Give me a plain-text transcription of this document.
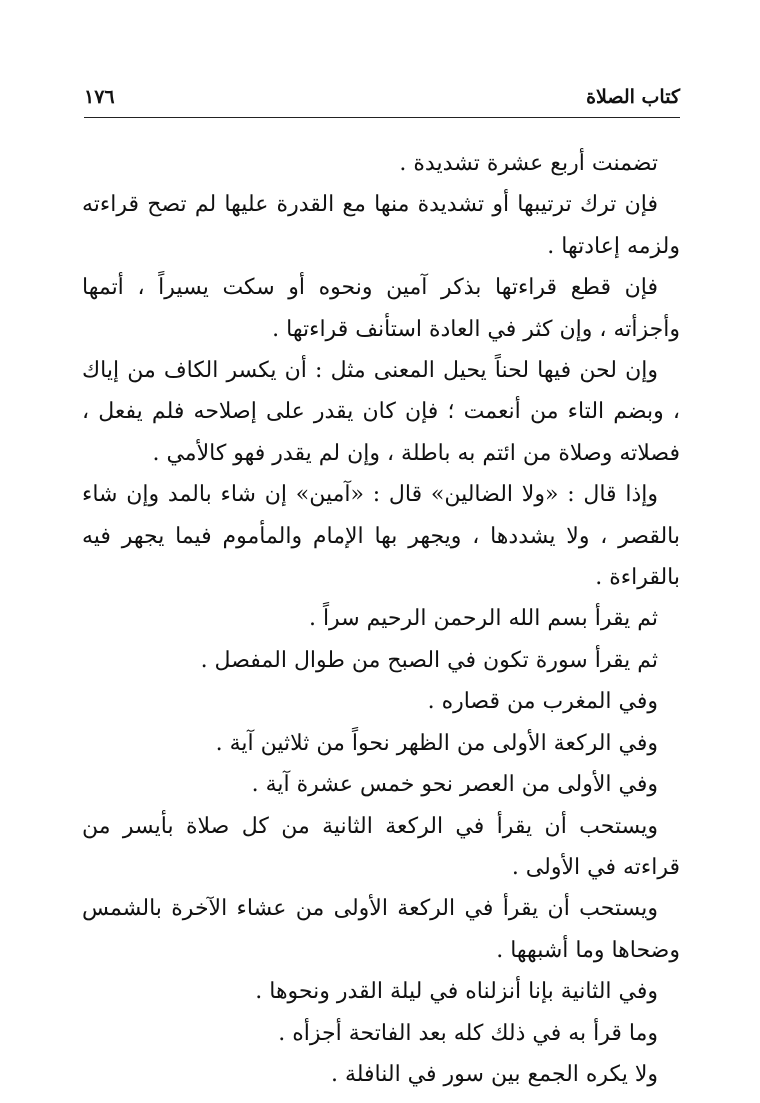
كتاب الصلاة
١٧٦

تضمنت أربع عشرة تشديدة .

فإن ترك ترتيبها أو تشديدة منها مع القدرة عليها لم تصح قراءته ولزمه إعادتها .

فإن قطع قراءتها بذكر آمين ونحوه أو سكت يسيراً ، أتمها وأجزأته ، وإن كثر في العادة استأنف قراءتها .

وإن لحن فيها لحناً يحيل المعنى مثل : أن يكسر الكاف من إياك ، وبضم التاء من أنعمت ؛ فإن كان يقدر على إصلاحه فلم يفعل ، فصلاته وصلاة من ائتم به باطلة ، وإن لم يقدر فهو كالأمي .

وإذا قال : «ولا الضالين» قال : «آمين» إن شاء بالمد وإن شاء بالقصر ، ولا يشددها ، ويجهر بها الإمام والمأموم فيما يجهر فيه بالقراءة .

ثم يقرأ بسم الله الرحمن الرحيم سراً .

ثم يقرأ سورة تكون في الصبح من طوال المفصل .

وفي المغرب من قصاره .

وفي الركعة الأولى من الظهر نحواً من ثلاثين آية .

وفي الأولى من العصر نحو خمس عشرة آية .

ويستحب أن يقرأ في الركعة الثانية من كل صلاة بأيسر من قراءته في الأولى .

ويستحب أن يقرأ في الركعة الأولى من عشاء الآخرة بالشمس وضحاها وما أشبهها .

وفي الثانية بإنا أنزلناه في ليلة القدر ونحوها .

وما قرأ به في ذلك كله بعد الفاتحة أجزأه .

ولا يكره الجمع بين سور في النافلة .
